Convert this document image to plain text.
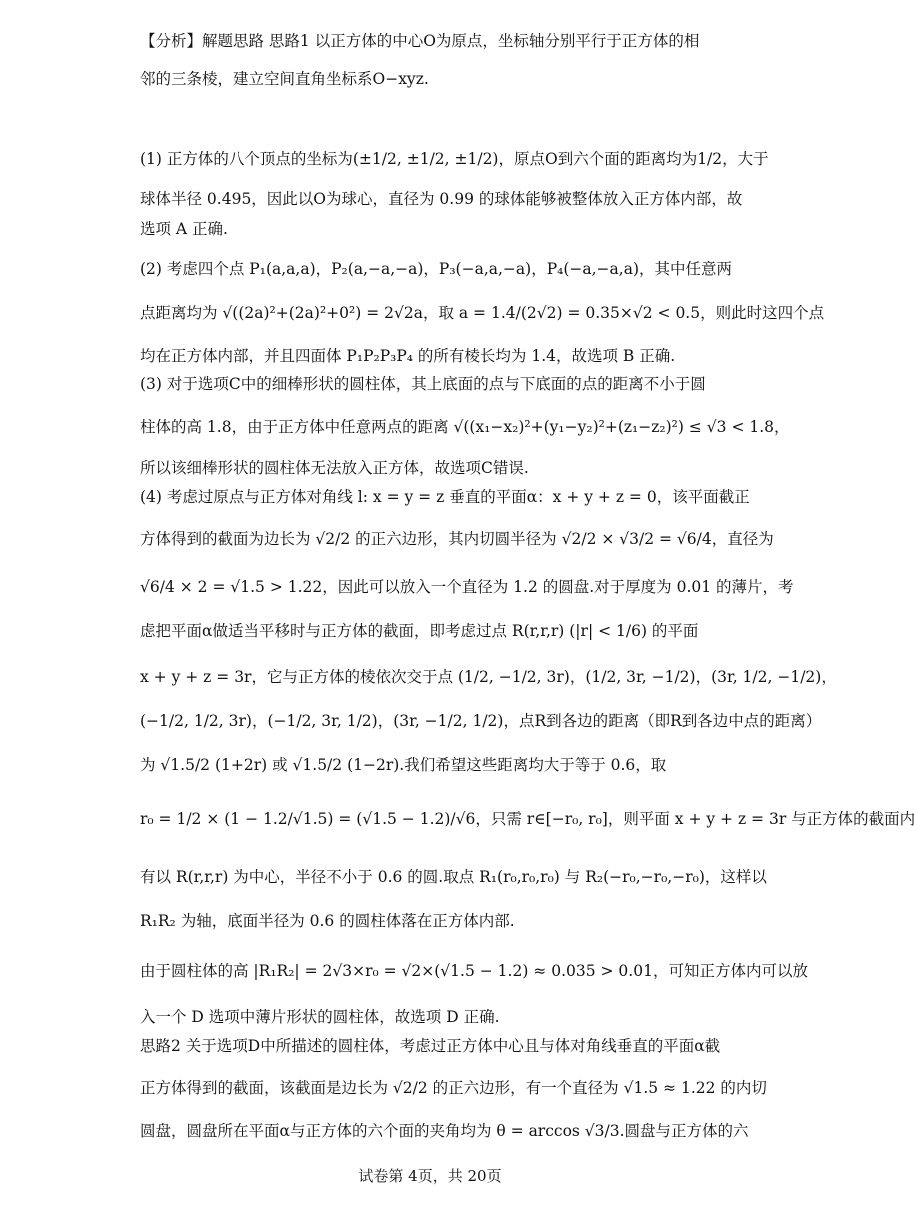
【分析】解题思路 思路1 以正方体的中心O为原点，坐标轴分别平行于正方体的相
邻的三条棱，建立空间直角坐标系O−xyz.
(1) 正方体的八个顶点的坐标为(±1/2, ±1/2, ±1/2)，原点O到六个面的距离均为1/2，大于
球体半径 0.495，因此以O为球心，直径为 0.99 的球体能够被整体放入正方体内部，故
选项 A 正确.
(2) 考虑四个点 P₁(a,a,a)，P₂(a,−a,−a)，P₃(−a,a,−a)，P₄(−a,−a,a)，其中任意两
点距离均为 √((2a)²+(2a)²+0²) = 2√2a，取 a = 1.4/(2√2) = 0.35×√2 < 0.5，则此时这四个点
均在正方体内部，并且四面体 P₁P₂P₃P₄ 的所有棱长均为 1.4，故选项 B 正确.
(3) 对于选项C中的细棒形状的圆柱体，其上底面的点与下底面的点的距离不小于圆
柱体的高 1.8，由于正方体中任意两点的距离 √((x₁−x₂)²+(y₁−y₂)²+(z₁−z₂)²) ≤ √3 < 1.8，
所以该细棒形状的圆柱体无法放入正方体，故选项C错误.
(4) 考虑过原点与正方体对角线 l: x = y = z 垂直的平面α：x + y + z = 0，该平面截正
方体得到的截面为边长为 √2/2 的正六边形，其内切圆半径为 √2/2 × √3/2 = √6/4，直径为
√6/4 × 2 = √1.5 > 1.22，因此可以放入一个直径为 1.2 的圆盘.对于厚度为 0.01 的薄片，考
虑把平面α做适当平移时与正方体的截面，即考虑过点 R(r,r,r) (|r| < 1/6) 的平面
x + y + z = 3r，它与正方体的棱依次交于点 (1/2, −1/2, 3r)，(1/2, 3r, −1/2)，(3r, 1/2, −1/2)，
(−1/2, 1/2, 3r)，(−1/2, 3r, 1/2)，(3r, −1/2, 1/2)，点R到各边的距离（即R到各边中点的距离）
为 √1.5/2 (1+2r) 或 √1.5/2 (1−2r).我们希望这些距离均大于等于 0.6，取
r₀ = 1/2 × (1 − 1.2/√1.5) = (√1.5 − 1.2)/√6，只需 r∈[−r₀, r₀]，则平面 x + y + z = 3r 与正方体的截面内
有以 R(r,r,r) 为中心，半径不小于 0.6 的圆.取点 R₁(r₀,r₀,r₀) 与 R₂(−r₀,−r₀,−r₀)，这样以
R₁R₂ 为轴，底面半径为 0.6 的圆柱体落在正方体内部.
由于圆柱体的高 |R₁R₂| = 2√3×r₀ = √2×(√1.5 − 1.2) ≈ 0.035 > 0.01，可知正方体内可以放
入一个 D 选项中薄片形状的圆柱体，故选项 D 正确.
思路2 关于选项D中所描述的圆柱体，考虑过正方体中心且与体对角线垂直的平面α截
正方体得到的截面，该截面是边长为 √2/2 的正六边形，有一个直径为 √1.5 ≈ 1.22 的内切
圆盘，圆盘所在平面α与正方体的六个面的夹角均为 θ = arccos √3/3.圆盘与正方体的六
试卷第 4页，共 20页
